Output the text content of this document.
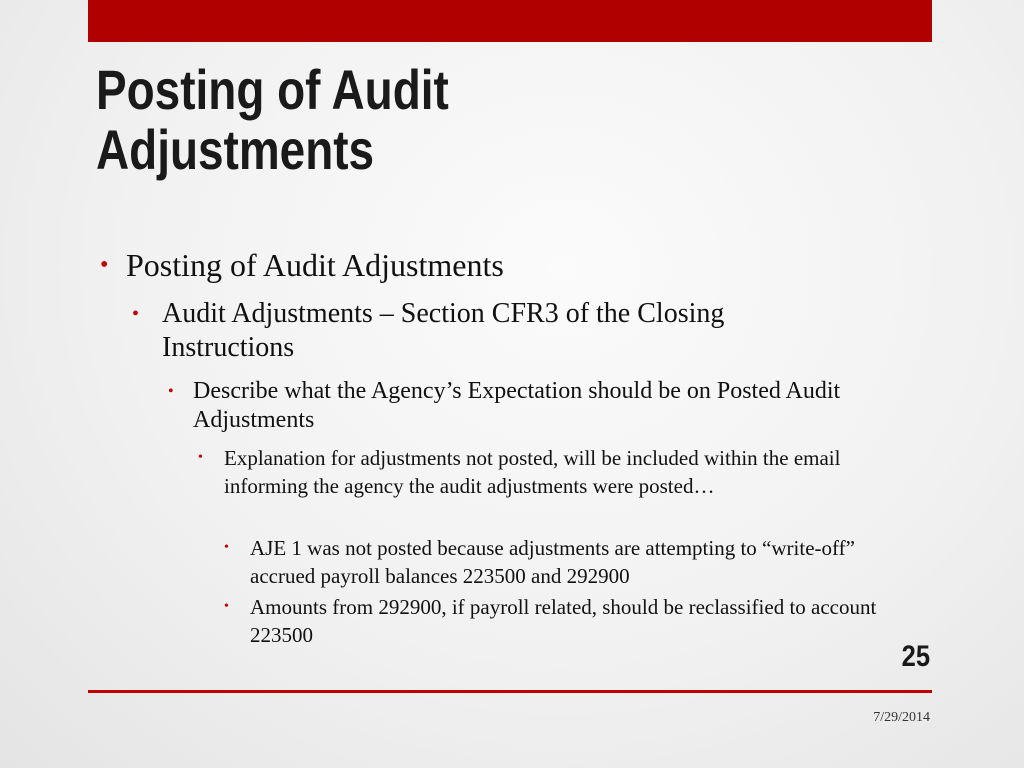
Posting of Audit
Adjustments
• Posting of Audit Adjustments
• Audit Adjustments – Section CFR3 of the Closing Instructions
• Describe what the Agency’s Expectation should be on Posted Audit Adjustments
•	Explanation for adjustments not posted, will be included within the email informing the agency the audit adjustments were posted…
•	AJE 1 was not posted because adjustments are attempting to “write-off” accrued payroll balances 223500 and 292900
•	Amounts from 292900, if payroll related, should be reclassified to account 223500
25
7/29/2014
